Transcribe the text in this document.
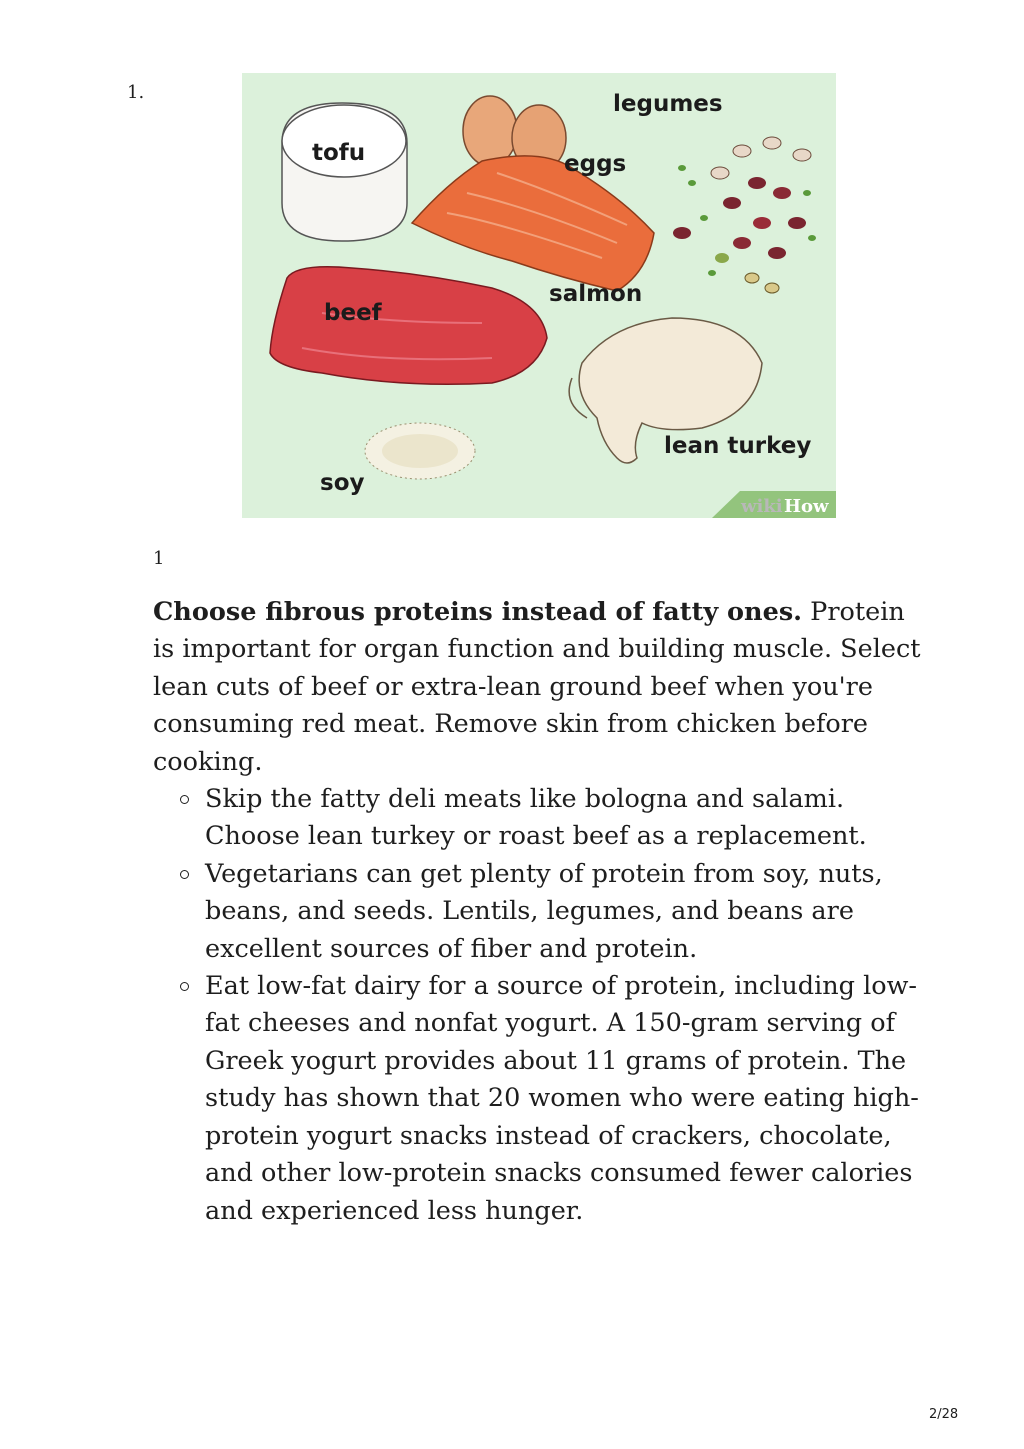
1.
tofu	eggs
legumes
beef
salmon
soy
lean turkey
wiki How
1
Choose fibrous proteins instead of fatty ones. Protein is important for organ function and building muscle. Select lean cuts of beef or extra-lean ground beef when you're consuming red meat. Remove skin from chicken before cooking.
Skip the fatty deli meats like bologna and salami. Choose lean turkey or roast beef as a replacement.
Vegetarians can get plenty of protein from soy, nuts, beans, and seeds. Lentils, legumes, and beans are excellent sources of fiber and protein.
Eat low-fat dairy for a source of protein, including low-fat cheeses and nonfat yogurt. A 150-gram serving of Greek yogurt provides about 11 grams of protein. The study has shown that 20 women who were eating high-protein yogurt snacks instead of crackers, chocolate, and other low-protein snacks consumed fewer calories and experienced less hunger.
2/28
